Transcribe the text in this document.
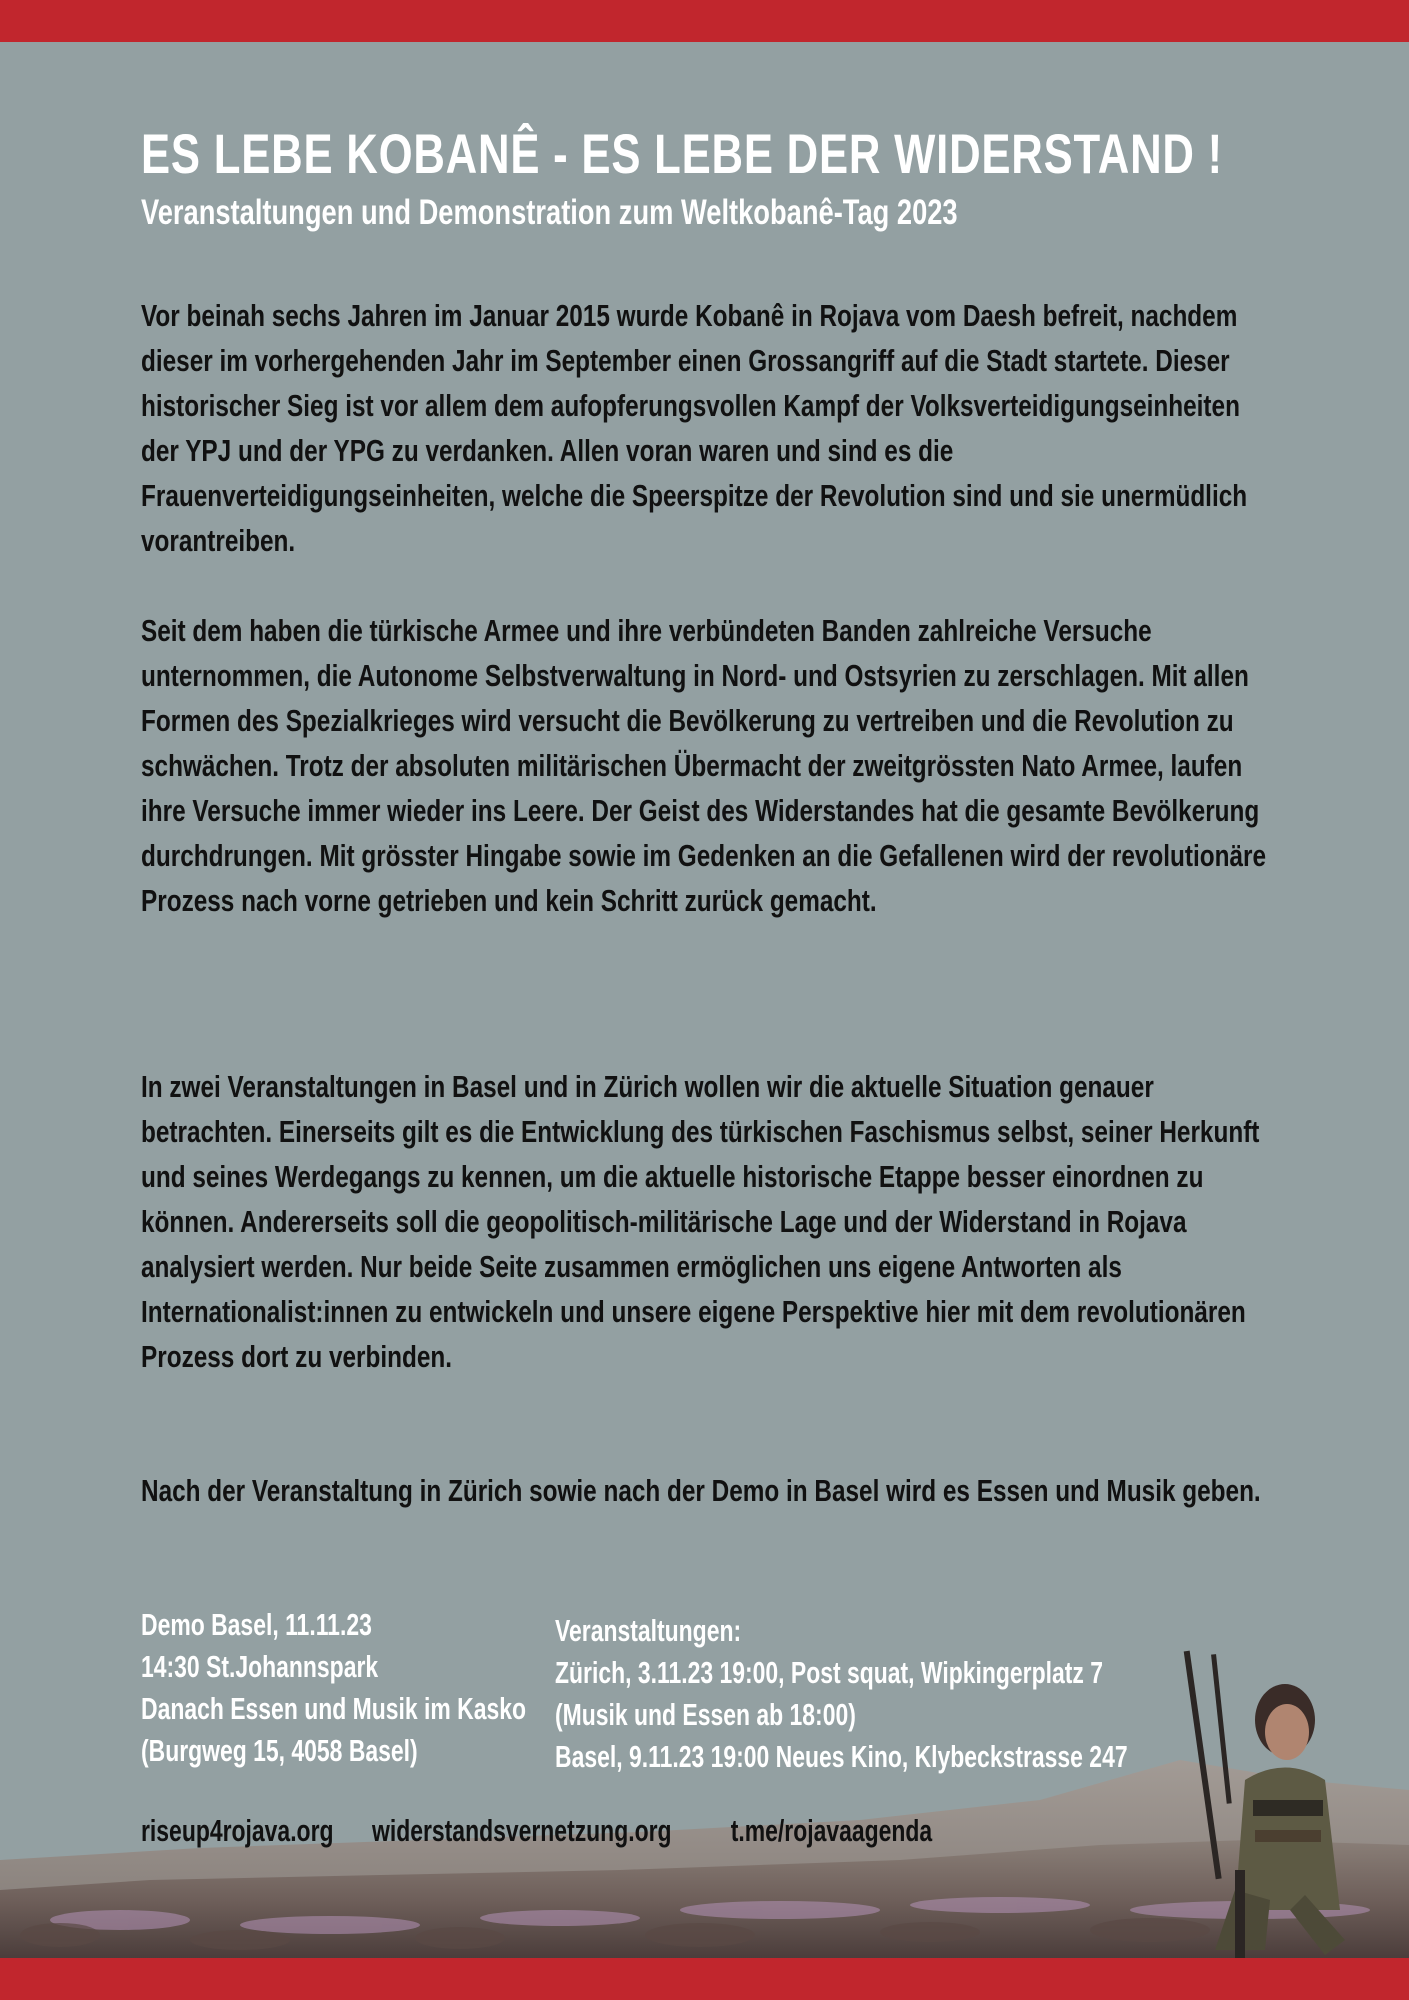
ES LEBE KOBANÊ - ES LEBE DER WIDERSTAND !
Veranstaltungen und Demonstration zum Weltkobanê-Tag 2023

Vor beinah sechs Jahren im Januar 2015 wurde Kobanê in Rojava vom Daesh befreit, nachdem dieser im vorhergehenden Jahr im September einen Grossangriff auf die Stadt startete. Dieser historischer Sieg ist vor allem dem aufopferungsvollen Kampf der Volksverteidigungseinheiten der YPJ und der YPG zu verdanken. Allen voran waren und sind es die Frauenverteidigungseinheiten, welche die Speerspitze der Revolution sind und sie unermüdlich vorantreiben.

Seit dem haben die türkische Armee und ihre verbündeten Banden zahlreiche Versuche unternommen, die Autonome Selbstverwaltung in Nord- und Ostsyrien zu zerschlagen. Mit allen Formen des Spezialkrieges wird versucht die Bevölkerung zu vertreiben und die Revolution zu schwächen. Trotz der absoluten militärischen Übermacht der zweitgrössten Nato Armee, laufen ihre Versuche immer wieder ins Leere. Der Geist des Widerstandes hat die gesamte Bevölkerung durchdrungen. Mit grösster Hingabe sowie im Gedenken an die Gefallenen wird der revolutionäre Prozess nach vorne getrieben und kein Schritt zurück gemacht.

In zwei Veranstaltungen in Basel und in Zürich wollen wir die aktuelle Situation genauer betrachten. Einerseits gilt es die Entwicklung des türkischen Faschismus selbst, seiner Herkunft und seines Werdegangs zu kennen, um die aktuelle historische Etappe besser einordnen zu können. Andererseits soll die geopolitisch-militärische Lage und der Widerstand in Rojava analysiert werden. Nur beide Seite zusammen ermöglichen uns eigene Antworten als Internationalist:innen zu entwickeln und unsere eigene Perspektive hier mit dem revolutionären Prozess dort zu verbinden.

Nach der Veranstaltung in Zürich sowie nach der Demo in Basel wird es Essen und Musik geben.

Demo Basel, 11.11.23
14:30 St.Johannspark
Danach Essen und Musik im Kasko
(Burgweg 15, 4058 Basel)
Veranstaltungen:
Zürich, 3.11.23 19:00, Post squat, Wipkingerplatz 7
(Musik und Essen ab 18:00)
Basel, 9.11.23 19:00 Neues Kino, Klybeckstrasse 247
riseup4rojava.org widerstandsvernetzung.org t.me/rojavaagenda
